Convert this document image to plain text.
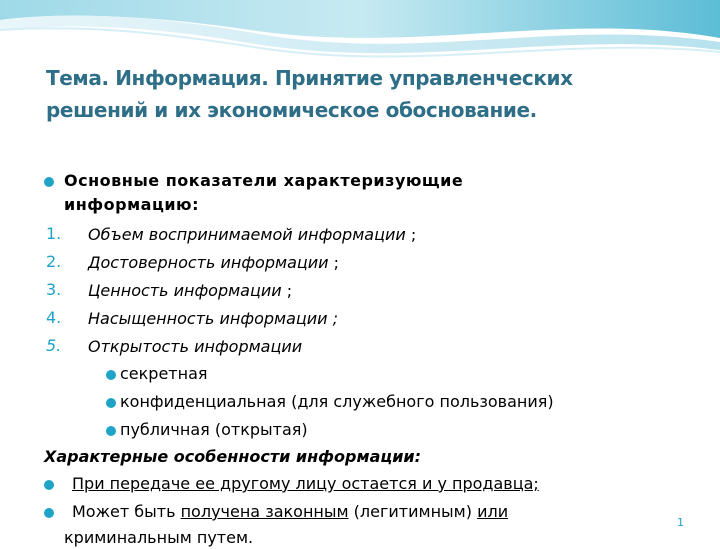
Тема. Информация. Принятие управленческих
решений и их экономическое обоснование.
Основные показатели характеризующие
информацию:
1. Объем воспринимаемой информации ;
2. Достоверность информации ;
3. Ценность информации ;
4. Насыщенность информации ;
5. Открытость информации
секретная
конфиденциальная (для служебного пользования)
публичная (открытая)
Характерные особенности информации:
При передаче ее другому лицу остается и у продавца;
Может быть получена законным (легитимным) или
криминальным путем.
1
